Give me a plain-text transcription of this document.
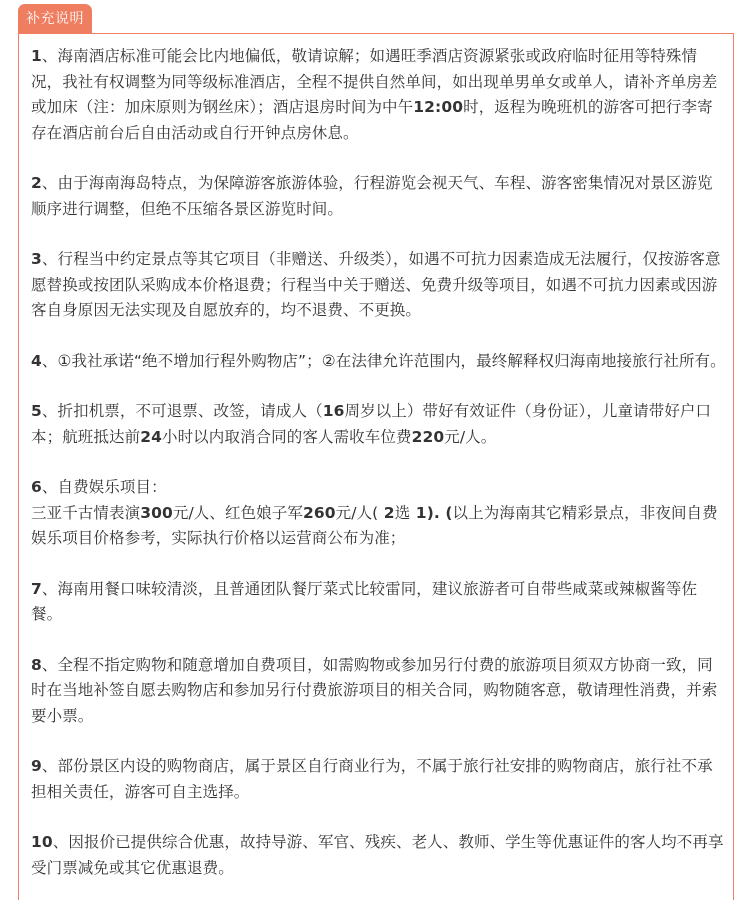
补充说明

1、海南酒店标准可能会比内地偏低，敬请谅解；如遇旺季酒店资源紧张或政府临时征用等特殊情况，我社有权调整为同等级标准酒店，全程不提供自然单间，如出现单男单女或单人，请补齐单房差或加床（注：加床原则为钢丝床）；酒店退房时间为中午12:00时，返程为晚班机的游客可把行李寄存在酒店前台后自由活动或自行开钟点房休息。

2、由于海南海岛特点，为保障游客旅游体验，行程游览会视天气、车程、游客密集情况对景区游览顺序进行调整，但绝不压缩各景区游览时间。

3、行程当中约定景点等其它项目（非赠送、升级类），如遇不可抗力因素造成无法履行，仅按游客意愿替换或按团队采购成本价格退费；行程当中关于赠送、免费升级等项目，如遇不可抗力因素或因游客自身原因无法实现及自愿放弃的，均不退费、不更换。

4、①我社承诺“绝不增加行程外购物店”；②在法律允许范围内，最终解释权归海南地接旅行社所有。

5、折扣机票，不可退票、改签，请成人（16周岁以上）带好有效证件（身份证），儿童请带好户口本；航班抵达前24小时以内取消合同的客人需收车位费220元/人。

6、自费娱乐项目：
三亚千古情表演300元/人、红色娘子军260元/人( 2选 1). (以上为海南其它精彩景点，非夜间自费娱乐项目价格参考，实际执行价格以运营商公布为准；

7、海南用餐口味较清淡，且普通团队餐厅菜式比较雷同，建议旅游者可自带些咸菜或辣椒酱等佐餐。

8、全程不指定购物和随意增加自费项目，如需购物或参加另行付费的旅游项目须双方协商一致，同时在当地补签自愿去购物店和参加另行付费旅游项目的相关合同，购物随客意，敬请理性消费，并索要小票。

9、部份景区内设的购物商店，属于景区自行商业行为，不属于旅行社安排的购物商店，旅行社不承担相关责任，游客可自主选择。

10、因报价已提供综合优惠，故持导游、军官、残疾、老人、教师、学生等优惠证件的客人均不再享受门票减免或其它优惠退费。
